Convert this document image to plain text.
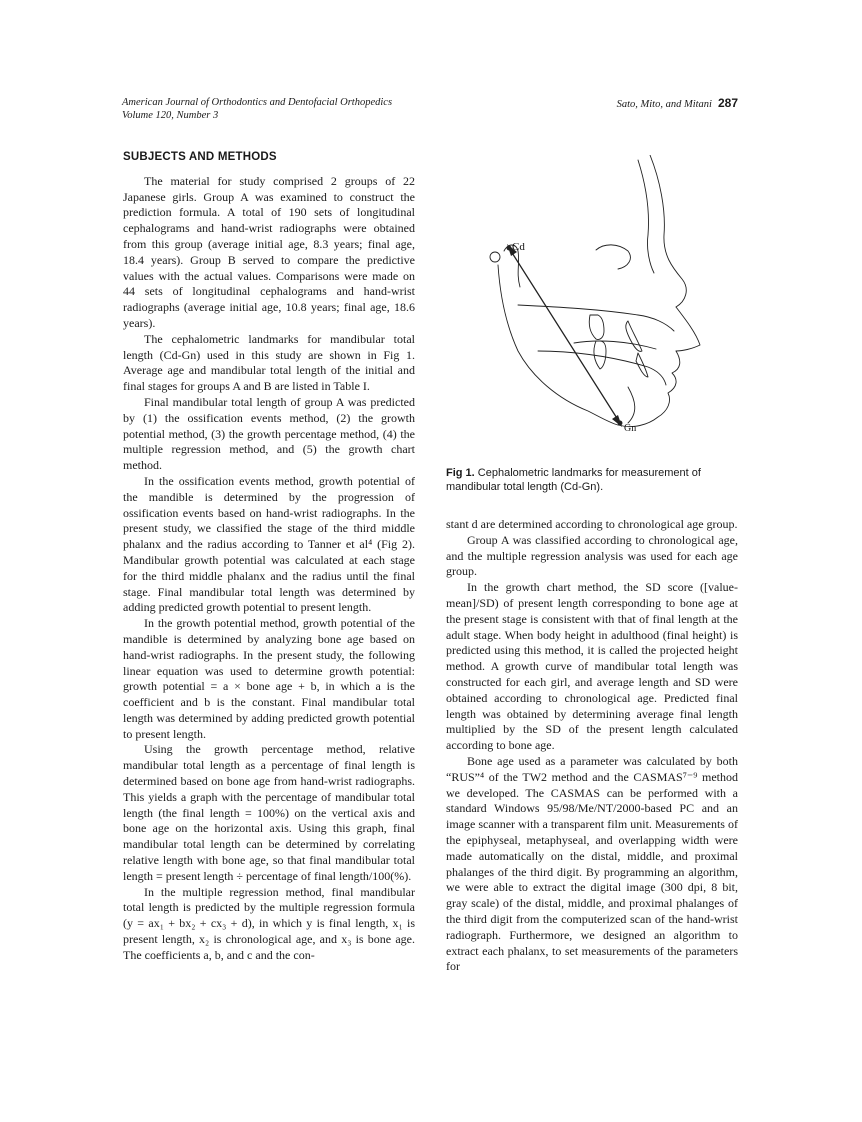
American Journal of Orthodontics and Dentofacial Orthopedics
Volume 120, Number 3
Sato, Mito, and Mitani 287
SUBJECTS AND METHODS

The material for study comprised 2 groups of 22 Japanese girls. Group A was examined to construct the prediction formula. A total of 190 sets of longitudinal cephalograms and hand-wrist radiographs were obtained from this group (average initial age, 8.3 years; final age, 18.4 years). Group B served to compare the predictive values with the actual values. Comparisons were made on 44 sets of longitudinal cephalograms and hand-wrist radiographs (average initial age, 10.8 years; final age, 18.6 years).

The cephalometric landmarks for mandibular total length (Cd-Gn) used in this study are shown in Fig 1. Average age and mandibular total length of the initial and final stages for groups A and B are listed in Table I.

Final mandibular total length of group A was predicted by (1) the ossification events method, (2) the growth potential method, (3) the growth percentage method, (4) the multiple regression method, and (5) the growth chart method.

In the ossification events method, growth potential of the mandible is determined by the progression of ossification events based on hand-wrist radiographs. In the present study, we classified the stage of the third middle phalanx and the radius according to Tanner et al⁴ (Fig 2). Mandibular growth potential was calculated at each stage for the third middle phalanx and the radius until the final stage. Final mandibular total length was determined by adding predicted growth potential to present length.

In the growth potential method, growth potential of the mandible is determined by analyzing bone age based on hand-wrist radiographs. In the present study, the following linear equation was used to determine growth potential: growth potential = a × bone age + b, in which a is the coefficient and b is the constant. Final mandibular total length was determined by adding predicted growth potential to present length.

Using the growth percentage method, relative mandibular total length as a percentage of final length is determined based on bone age from hand-wrist radiographs. This yields a graph with the percentage of mandibular total length (the final length = 100%) on the vertical axis and bone age on the horizontal axis. Using this graph, final mandibular total length can be determined by correlating relative length with bone age, so that final mandibular total length = present length ÷ percentage of final length/100(%).

In the multiple regression method, final mandibular total length is predicted by the multiple regression formula (y = ax₁ + bx₂ + cx₃ + d), in which y is final length, x₁ is present length, x₂ is chronological age, and x₃ is bone age. The coefficients a, b, and c and the con-

Cd
Gn
Fig 1. Cephalometric landmarks for measurement of mandibular total length (Cd-Gn).

stant d are determined according to chronological age group.

Group A was classified according to chronological age, and the multiple regression analysis was used for each age group.

In the growth chart method, the SD score ([value-mean]/SD) of present length corresponding to bone age at the present stage is consistent with that of final length at the adult stage. When body height in adulthood (final height) is predicted using this method, it is called the projected height method. A growth curve of mandibular total length was constructed for each girl, and average length and SD were obtained according to chronological age. Predicted final length was obtained by determining average final length multiplied by the SD of the present length calculated according to bone age.

Bone age used as a parameter was calculated by both “RUS”⁴ of the TW2 method and the CASMAS⁷⁻⁹ method we developed. The CASMAS can be performed with a standard Windows 95/98/Me/NT/2000-based PC and an image scanner with a transparent film unit. Measurements of the epiphyseal, metaphyseal, and overlapping width were made automatically on the distal, middle, and proximal phalanges of the third digit. By programming an algorithm, we were able to extract the digital image (300 dpi, 8 bit, gray scale) of the distal, middle, and proximal phalanges of the third digit from the computerized scan of the hand-wrist radiograph. Furthermore, we designed an algorithm to extract each phalanx, to set measurements of the parameters for
